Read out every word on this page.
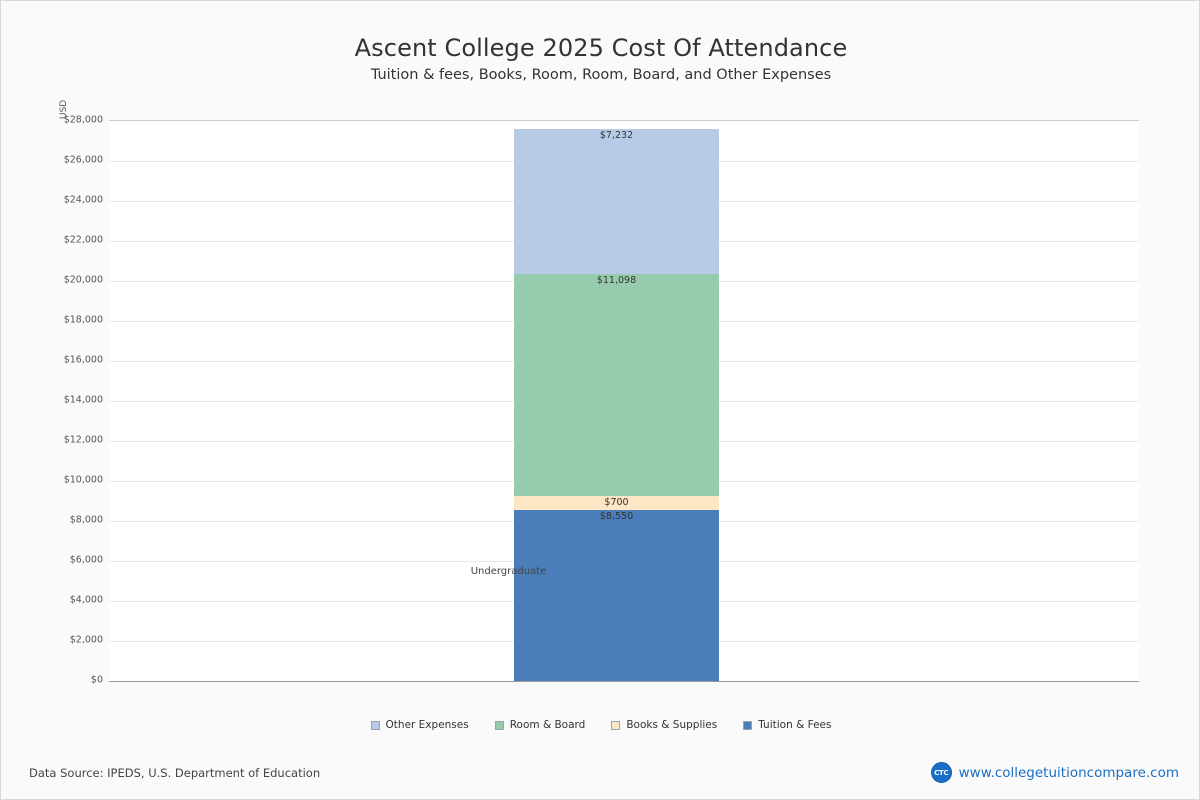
Ascent College 2025 Cost Of Attendance
Tuition & fees, Books, Room, Room, Board, and Other Expenses
USD
$0
$2,000
$4,000
$6,000
$8,000
$10,000
$12,000
$14,000
$16,000
$18,000
$20,000
$22,000
$24,000
$26,000
$28,000
$8,550
$700
$11,098
$7,232
Undergraduate
Other Expenses	Room & Board	Books & Supplies	Tuition & Fees
Data Source: IPEDS, U.S. Department of Education	CTC www.collegetuitioncompare.com
